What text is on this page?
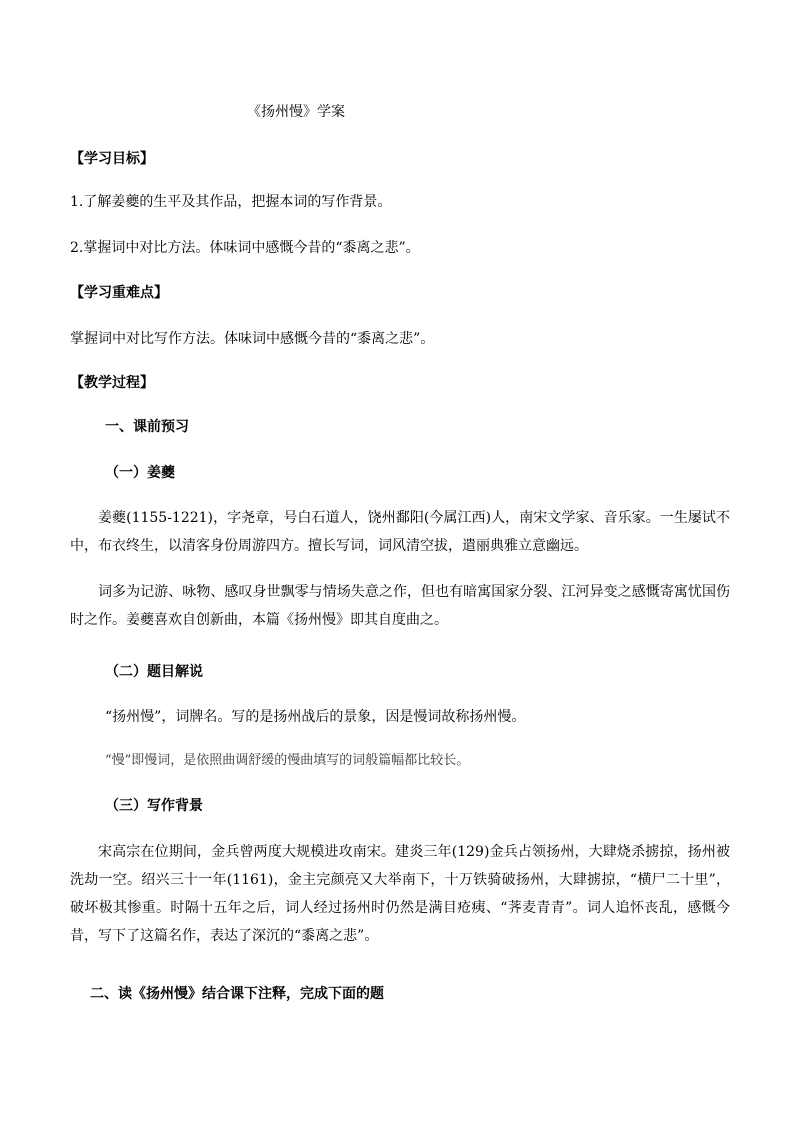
《扬州慢》学案
【学习目标】
1.了解姜夔的生平及其作品，把握本词的写作背景。
2.掌握词中对比方法。体味词中感慨今昔的“黍离之悲”。
【学习重难点】
掌握词中对比写作方法。体味词中感慨今昔的“黍离之悲”。
【教学过程】
一、课前预习
（一）姜夔
姜夔(1155-1221)，字尧章，号白石道人，饶州鄱阳(今属江西)人，南宋文学家、音乐家。一生屡试不中，布衣终生，以清客身份周游四方。擅长写词，词风清空拔，遣丽典雅立意幽远。
词多为记游、咏物、感叹身世飘零与情场失意之作，但也有暗寓国家分裂、江河异变之感慨寄寓忧国伤时之作。姜夔喜欢自创新曲，本篇《扬州慢》即其自度曲之。
（二）题目解说
“扬州慢”，词牌名。写的是扬州战后的景象，因是慢词故称扬州慢。
“慢”即慢词，是依照曲调舒缓的慢曲填写的词般篇幅都比较长。
（三）写作背景
宋高宗在位期间，金兵曾两度大规模进攻南宋。建炎三年(129)金兵占领扬州，大肆烧杀掳掠，扬州被洗劫一空。绍兴三十一年(1161)，金主完颜亮又大举南下，十万铁骑破扬州，大肆掳掠，“横尸二十里”，破坏极其惨重。时隔十五年之后，词人经过扬州时仍然是满目疮痍、“荠麦青青”。词人追怀丧乱，感慨今昔，写下了这篇名作，表达了深沉的“黍离之悲”。
二、读《扬州慢》结合课下注释，完成下面的题
